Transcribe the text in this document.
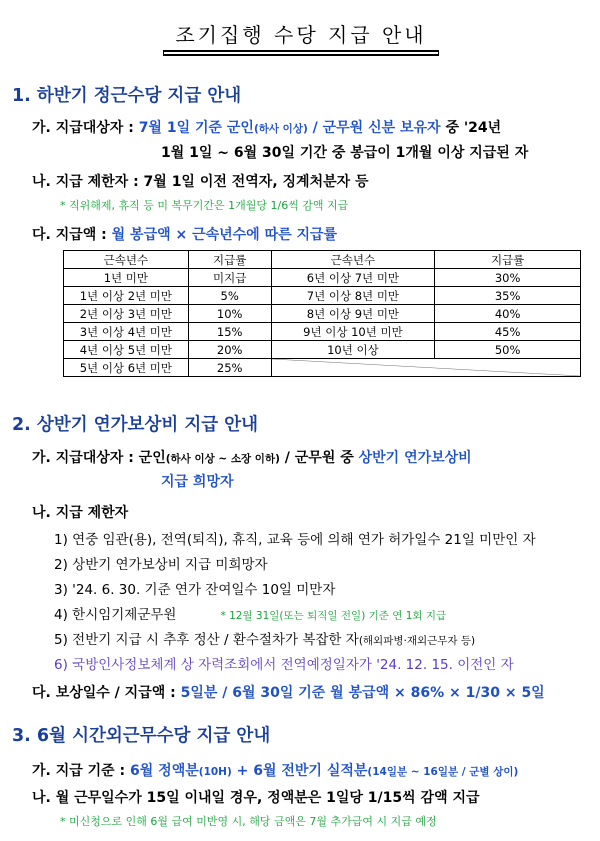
조기집행 수당 지급 안내
1. 하반기 정근수당 지급 안내
가. 지급대상자 : 7월 1일 기준 군인(하사 이상) / 군무원 신분 보유자 중 '24년
1월 1일 ~ 6월 30일 기간 중 봉급이 1개월 이상 지급된 자
나. 지급 제한자 : 7월 1일 이전 전역자, 징계처분자 등
* 직위해제, 휴직 등 미 복무기간은 1개월당 1/6씩 감액 지급
다. 지급액 : 월 봉급액 × 근속년수에 따른 지급률
근속년수	지급률	근속년수	지급률
1년 미만	미지급	6년 이상 7년 미만	30%
1년 이상 2년 미만	5%	7년 이상 8년 미만	35%
2년 이상 3년 미만	10%	8년 이상 9년 미만	40%
3년 이상 4년 미만	15%	9년 이상 10년 미만	45%
4년 이상 5년 미만	20%	10년 이상	50%
5년 이상 6년 미만	25%	
2. 상반기 연가보상비 지급 안내
가. 지급대상자 : 군인(하사 이상 ~ 소장 이하) / 군무원 중 상반기 연가보상비
지급 희망자
나. 지급 제한자
1) 연중 임관(용), 전역(퇴직), 휴직, 교육 등에 의해 연가 허가일수 21일 미만인 자
2) 상반기 연가보상비 지급 미희망자
3) '24. 6. 30. 기준 연가 잔여일수 10일 미만자
4) 한시임기제군무원	* 12월 31일(또는 퇴직일 전일) 기준 연 1회 지급
5) 전반기 지급 시 추후 정산 / 환수절차가 복잡한 자(해외파병·재외근무자 등)
6) 국방인사정보체계 상 자력조회에서 전역예정일자가 '24. 12. 15. 이전인 자
다. 보상일수 / 지급액 : 5일분 / 6월 30일 기준 월 봉급액 × 86% × 1/30 × 5일
3. 6월 시간외근무수당 지급 안내
가. 지급 기준 : 6월 정액분(10H) + 6월 전반기 실적분(14일분 ~ 16일분 / 군별 상이)
나. 월 근무일수가 15일 이내일 경우, 정액분은 1일당 1/15씩 감액 지급
* 미신청으로 인해 6월 급여 미반영 시, 해당 금액은 7월 추가급여 시 지급 예정
